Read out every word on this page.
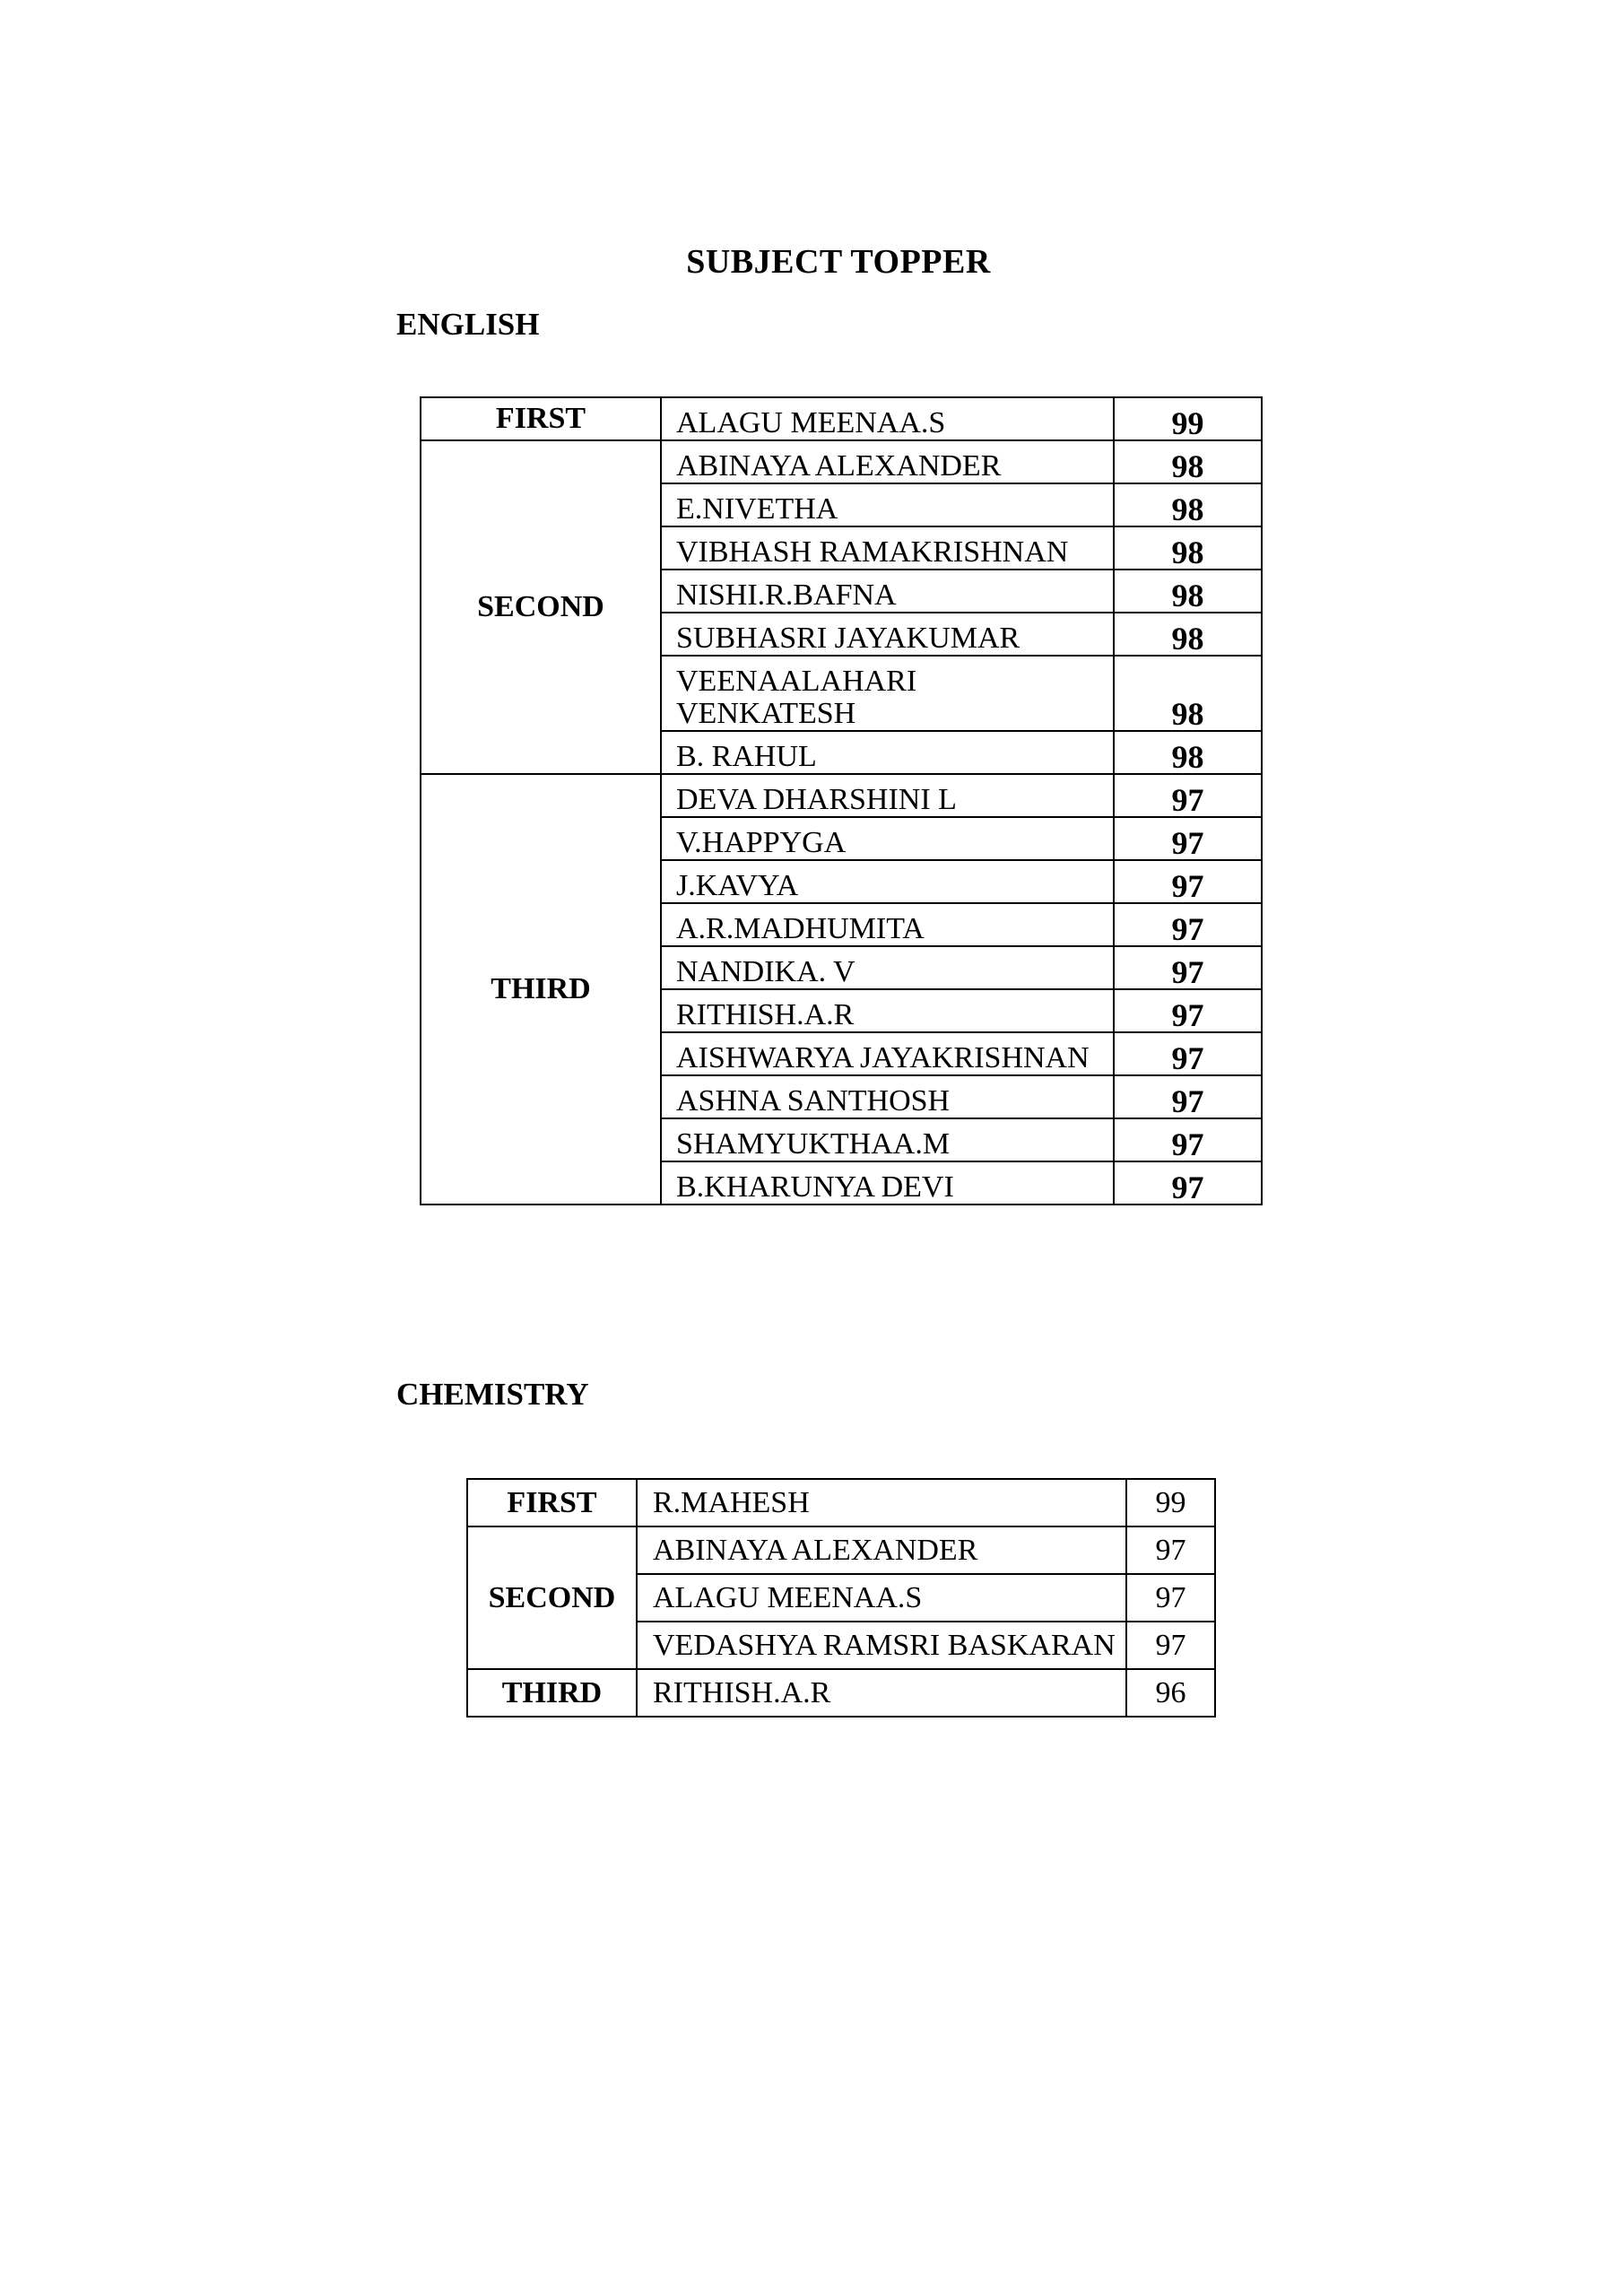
SUBJECT TOPPER
ENGLISH
FIRST	ALAGU MEENAA.S	99
SECOND	ABINAYA ALEXANDER	98
	E.NIVETHA	98
	VIBHASH RAMAKRISHNAN	98
	NISHI.R.BAFNA	98
	SUBHASRI JAYAKUMAR	98

	VEENAALAHARI VENKATESH	98
	B. RAHUL	98
THIRD	DEVA DHARSHINI L	97
	V.HAPPYGA	97
	J.KAVYA	97
	A.R.MADHUMITA	97
	NANDIKA. V	97
	RITHISH.A.R	97
	AISHWARYA JAYAKRISHNAN	97
	ASHNA SANTHOSH	97
	SHAMYUKTHAA.M	97
	B.KHARUNYA DEVI	97
CHEMISTRY
FIRST	R.MAHESH	99
SECOND	ABINAYA ALEXANDER	97
	ALAGU MEENAA.S	97
	VEDASHYA RAMSRI BASKARAN	97
THIRD	RITHISH.A.R	96
